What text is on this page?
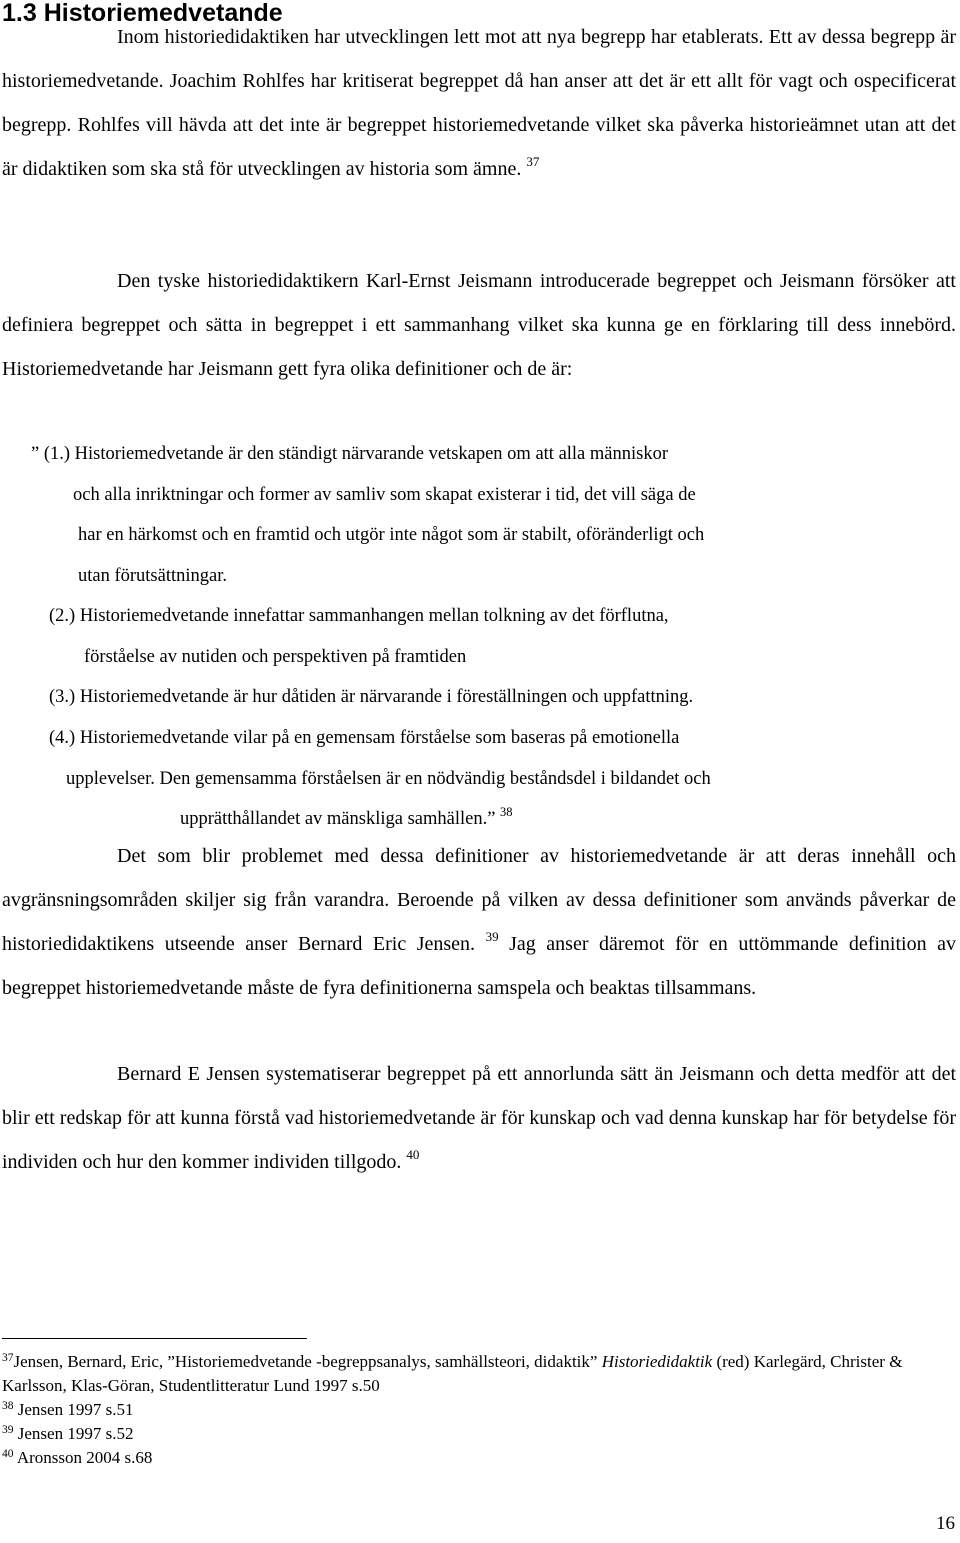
1.3 Historiemedvetande

Inom historiedidaktiken har utvecklingen lett mot att nya begrepp har etablerats. Ett av dessa begrepp är historiemedvetande. Joachim Rohlfes har kritiserat begreppet då han anser att det är ett allt för vagt och ospecificerat begrepp. Rohlfes vill hävda att det inte är begreppet historiemedvetande vilket ska påverka historieämnet utan att det är didaktiken som ska stå för utvecklingen av historia som ämne. $^{37}$

Den tyske historiedidaktikern Karl-Ernst Jeismann introducerade begreppet och Jeismann försöker att definiera begreppet och sätta in begreppet i ett sammanhang vilket ska kunna ge en förklaring till dess innebörd. Historiemedvetande har Jeismann gett fyra olika definitioner och de är:

” (1.) Historiemedvetande är den ständigt närvarande vetskapen om att alla människor
och alla inriktningar och former av samliv som skapat existerar i tid, det vill säga de
har en härkomst och en framtid och utgör inte något som är stabilt, oföränderligt och
utan förutsättningar.
(2.) Historiemedvetande innefattar sammanhangen mellan tolkning av det förflutna,
förståelse av nutiden och perspektiven på framtiden
(3.) Historiemedvetande är hur dåtiden är närvarande i föreställningen och uppfattning.
(4.) Historiemedvetande vilar på en gemensam förståelse som baseras på emotionella
upplevelser. Den gemensamma förståelsen är en nödvändig beståndsdel i bildandet och
upprätthållandet av mänskliga samhällen.” $^{38}$

Det som blir problemet med dessa definitioner av historiemedvetande är att deras innehåll och avgränsningsområden skiljer sig från varandra. Beroende på vilken av dessa definitioner som används påverkar de historiedidaktikens utseende anser Bernard Eric Jensen. $^{39}$ Jag anser däremot för en uttömmande definition av begreppet historiemedvetande måste de fyra definitionerna samspela och beaktas tillsammans.

Bernard E Jensen systematiserar begreppet på ett annorlunda sätt än Jeismann och detta medför att det blir ett redskap för att kunna förstå vad historiemedvetande är för kunskap och vad denna kunskap har för betydelse för individen och hur den kommer individen tillgodo. $^{40}$

$^{37}$Jensen, Bernard, Eric, ”Historiemedvetande -begreppsanalys, samhällsteori, didaktik” Historiedidaktik (red) Karlegärd, Christer & Karlsson, Klas-Göran, Studentlitteratur Lund 1997 s.50

$^{38}$ Jensen 1997 s.51

$^{39}$ Jensen 1997 s.52

$^{40}$ Aronsson 2004 s.68

16
